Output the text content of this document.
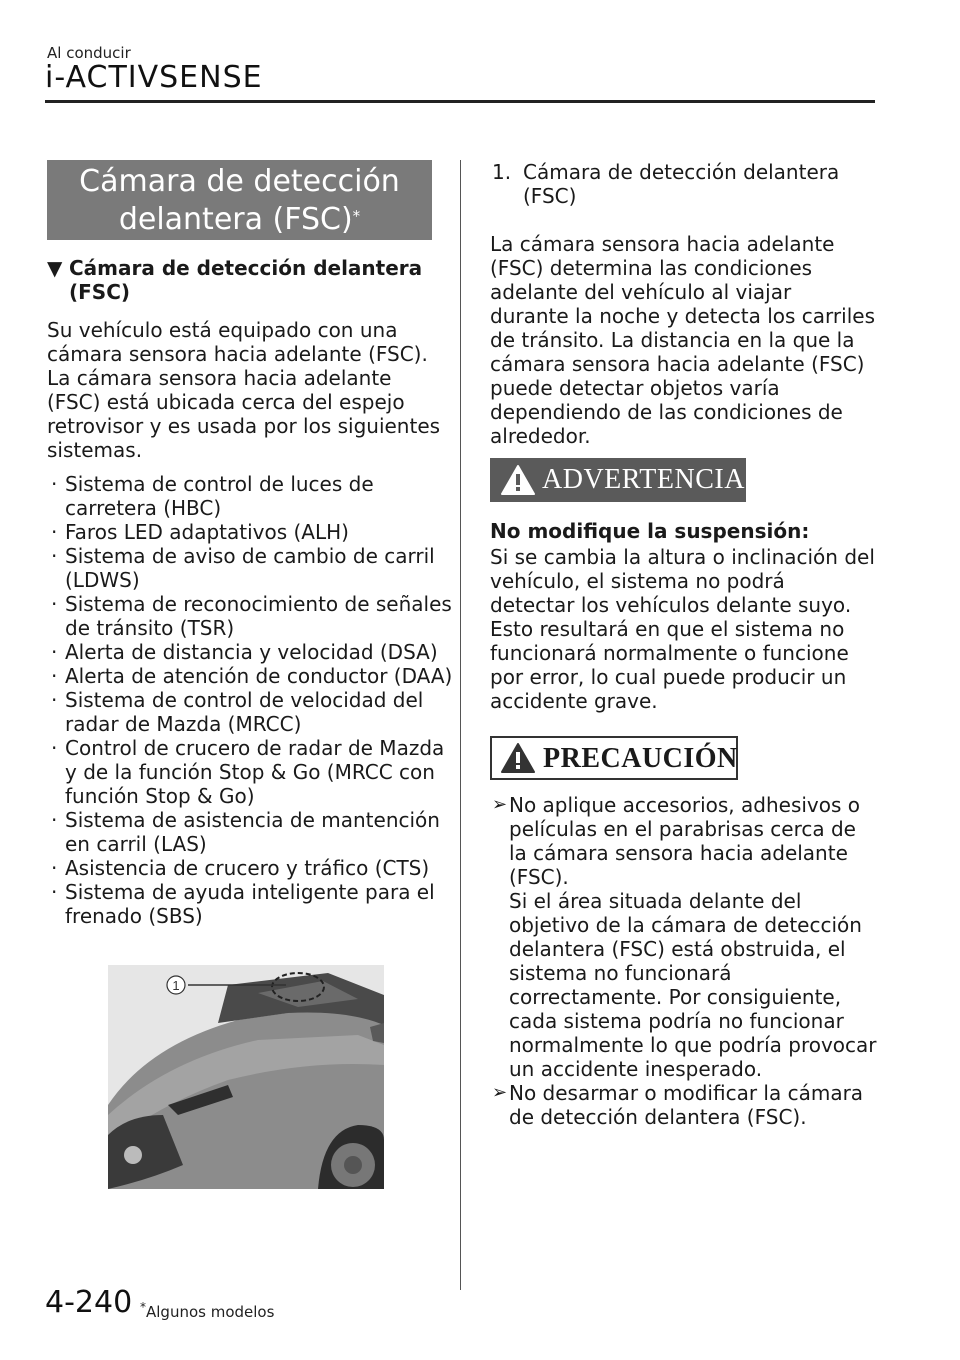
Al conducir
i-ACTIVSENSE
Cámara de detección
delantera (FSC)*
▼ Cámara de detección delantera
(FSC)
Su vehículo está equipado con una cámara sensora hacia adelante (FSC). La cámara sensora hacia adelante (FSC) está ubicada cerca del espejo retrovisor y es usada por los siguientes sistemas.
· Sistema de control de luces de carretera (HBC)
· Faros LED adaptativos (ALH)
· Sistema de aviso de cambio de carril (LDWS)
· Sistema de reconocimiento de señales de tránsito (TSR)
· Alerta de distancia y velocidad (DSA)
· Alerta de atención de conductor (DAA)
· Sistema de control de velocidad del radar de Mazda (MRCC)
· Control de crucero de radar de Mazda y de la función Stop & Go (MRCC con función Stop & Go)
· Sistema de asistencia de mantención en carril (LAS)
· Asistencia de crucero y tráfico (CTS)
· Sistema de ayuda inteligente para el frenado (SBS)
1
1. Cámara de detección delantera (FSC)
La cámara sensora hacia adelante (FSC) determina las condiciones adelante del vehículo al viajar durante la noche y detecta los carriles de tránsito. La distancia en la que la cámara sensora hacia adelante (FSC) puede detectar objetos varía dependiendo de las condiciones de alrededor.
ADVERTENCIA
No modifique la suspensión:
Si se cambia la altura o inclinación del vehículo, el sistema no podrá detectar los vehículos delante suyo. Esto resultará en que el sistema no funcionará normalmente o funcione por error, lo cual puede producir un accidente grave.
PRECAUCIÓN
➢ No aplique accesorios, adhesivos o películas en el parabrisas cerca de la cámara sensora hacia adelante (FSC).

Si el área situada delante del objetivo de la cámara de detección delantera (FSC) está obstruida, el sistema no funcionará correctamente. Por consiguiente, cada sistema podría no funcionar normalmente lo que podría provocar un accidente inesperado.

➢ No desarmar o modificar la cámara de detección delantera (FSC).

4-240 *Algunos modelos
